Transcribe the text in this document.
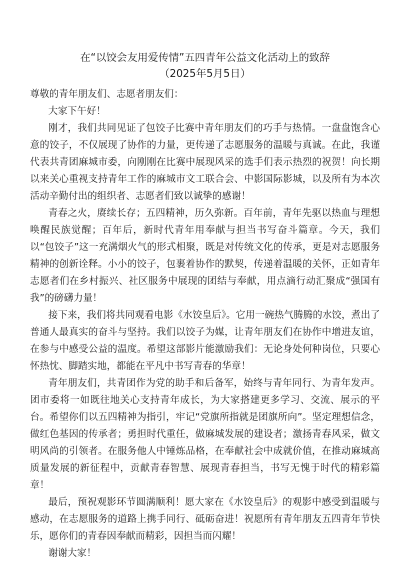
在“以饺会友用爱传情”五四青年公益文化活动上的致辞
（2025年5月5日）
尊敬的青年朋友们、志愿者朋友们：
大家下午好！

刚才，我们共同见证了包饺子比赛中青年朋友们的巧手与热情。一盘盘饱含心意的饺子，不仅展现了协作的力量，更传递了志愿服务的温暖与真诚。在此，我谨代表共青团麻城市委，向刚刚在比赛中展现风采的选手们表示热烈的祝贺！向长期以来关心重视支持青年工作的麻城市文工联合会、中影国际影城，以及所有为本次活动辛勤付出的组织者、志愿者们致以诚挚的感谢！

青春之火，赓续长存；五四精神，历久弥新。百年前，青年先驱以热血与理想唤醒民族觉醒；百年后，新时代青年用奉献与担当书写奋斗篇章。今天，我们以“包饺子”这一充满烟火气的形式相聚，既是对传统文化的传承，更是对志愿服务精神的创新诠释。小小的饺子，包裹着协作的默契，传递着温暖的关怀，正如青年志愿者们在乡村振兴、社区服务中展现的团结与奉献，用点滴行动汇聚成“强国有我”的磅礴力量！

接下来，我们将共同观看电影《水饺皇后》。它用一碗热气腾腾的水饺，煮出了普通人最真实的奋斗与坚持。我们以饺子为媒，让青年朋友们在协作中增进友谊，在参与中感受公益的温度。希望这部影片能激励我们：无论身处何种岗位，只要心怀热忱、脚踏实地，都能在平凡中书写青春的华章！

青年朋友们，共青团作为党的助手和后备军，始终与青年同行、为青年发声。团市委将一如既往地关心支持青年成长，为大家搭建更多学习、交流、展示的平台。希望你们以五四精神为指引，牢记“党旗所指就是团旗所向”。坚定理想信念，做红色基因的传承者；勇担时代重任，做麻城发展的建设者；激扬青春风采，做文明风尚的引领者。在服务他人中锤炼品格，在奉献社会中成就价值，在推动麻城高质量发展的新征程中，贡献青春智慧、展现青春担当，书写无愧于时代的精彩篇章！

最后，预祝观影环节圆满顺利！愿大家在《水饺皇后》的观影中感受到温暖与感动，在志愿服务的道路上携手同行、砥砺奋进！祝愿所有青年朋友五四青年节快乐，愿你们的青春因奉献而精彩，因担当而闪耀！

谢谢大家！
